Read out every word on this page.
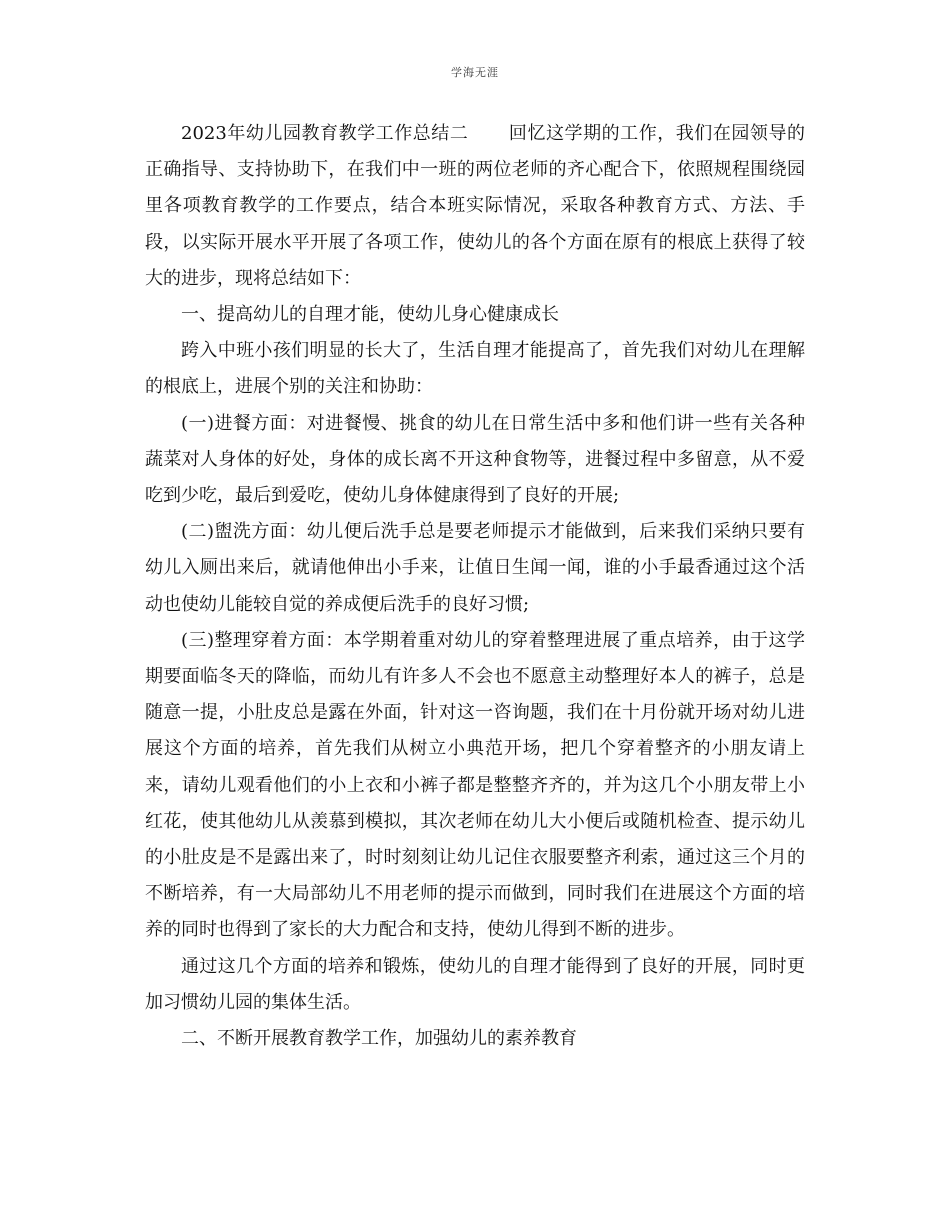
学海无涯

2023年幼儿园教育教学工作总结二 回忆这学期的工作，我们在园领导的正确指导、支持协助下，在我们中一班的两位老师的齐心配合下，依照规程围绕园里各项教育教学的工作要点，结合本班实际情况，采取各种教育方式、方法、手段，以实际开展水平开展了各项工作，使幼儿的各个方面在原有的根底上获得了较大的进步，现将总结如下：

一、提高幼儿的自理才能，使幼儿身心健康成长

跨入中班小孩们明显的长大了，生活自理才能提高了，首先我们对幼儿在理解的根底上，进展个别的关注和协助：

(一)进餐方面：对进餐慢、挑食的幼儿在日常生活中多和他们讲一些有关各种蔬菜对人身体的好处，身体的成长离不开这种食物等，进餐过程中多留意，从不爱吃到少吃，最后到爱吃，使幼儿身体健康得到了良好的开展;

(二)盥洗方面：幼儿便后洗手总是要老师提示才能做到，后来我们采纳只要有幼儿入厕出来后，就请他伸出小手来，让值日生闻一闻，谁的小手最香通过这个活动也使幼儿能较自觉的养成便后洗手的良好习惯;

(三)整理穿着方面：本学期着重对幼儿的穿着整理进展了重点培养，由于这学期要面临冬天的降临，而幼儿有许多人不会也不愿意主动整理好本人的裤子，总是随意一提，小肚皮总是露在外面，针对这一咨询题，我们在十月份就开场对幼儿进展这个方面的培养，首先我们从树立小典范开场，把几个穿着整齐的小朋友请上来，请幼儿观看他们的小上衣和小裤子都是整整齐齐的，并为这几个小朋友带上小红花，使其他幼儿从羡慕到模拟，其次老师在幼儿大小便后或随机检查、提示幼儿的小肚皮是不是露出来了，时时刻刻让幼儿记住衣服要整齐利索，通过这三个月的不断培养，有一大局部幼儿不用老师的提示而做到，同时我们在进展这个方面的培养的同时也得到了家长的大力配合和支持，使幼儿得到不断的进步。

通过这几个方面的培养和锻炼，使幼儿的自理才能得到了良好的开展，同时更加习惯幼儿园的集体生活。

二、不断开展教育教学工作，加强幼儿的素养教育
